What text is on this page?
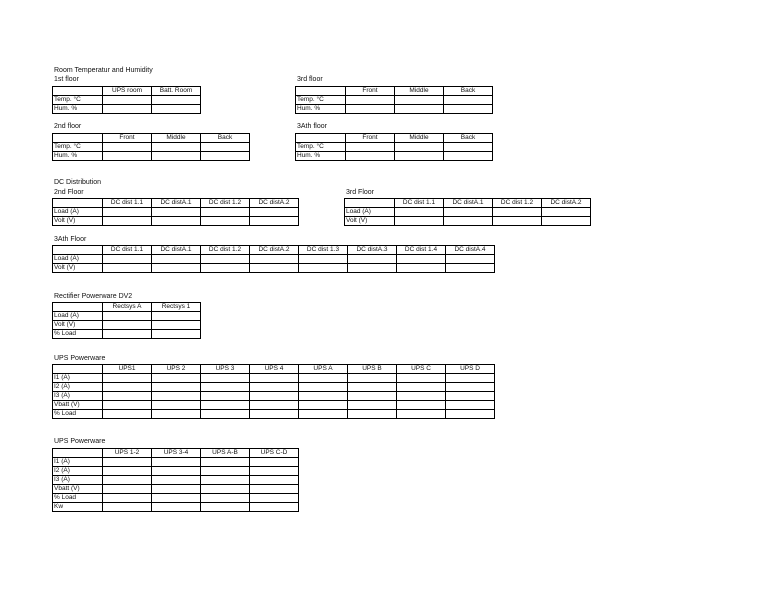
Room Temperatur and Humidity
1st floor	3rd floor
	UPS room	Batt. Room
Temp. °C		
Hum. %		
	Front	Middle	Back
Temp. °C			
Hum. %			
2nd floor	3Ath floor
	Front	Middle	Back
Temp. °C			
Hum. %			
	Front	Middle	Back
Temp. °C			
Hum. %			
DC Distribution
2nd Floor	3rd Floor
	DC dist 1.1	DC distA.1	DC dist 1.2	DC distA.2
Load (A)				
Volt (V)				
	DC dist 1.1	DC distA.1	DC dist 1.2	DC distA.2
Load (A)				
Volt (V)				
3Ath Floor
	DC dist 1.1	DC distA.1	DC dist 1.2	DC distA.2	DC dist 1.3	DC distA.3	DC dist 1.4	DC distA.4
Load (A)								
Volt (V)								
Rectifier Powerware DV2
	Rectsys A	Rectsys 1
Load (A)		
Volt (V)		
% Load		
UPS Powerware
	UPS1	UPS 2	UPS 3	UPS 4	UPS A	UPS B	UPS C	UPS D
I1 (A)								
I2 (A)								
I3 (A)								
Vbatt (V)								
% Load								
UPS Powerware
	UPS 1-2	UPS 3-4	UPS A-B	UPS C-D
I1 (A)				
I2 (A)				
I3 (A)				
Vbatt (V)				
% Load				
Kw				
